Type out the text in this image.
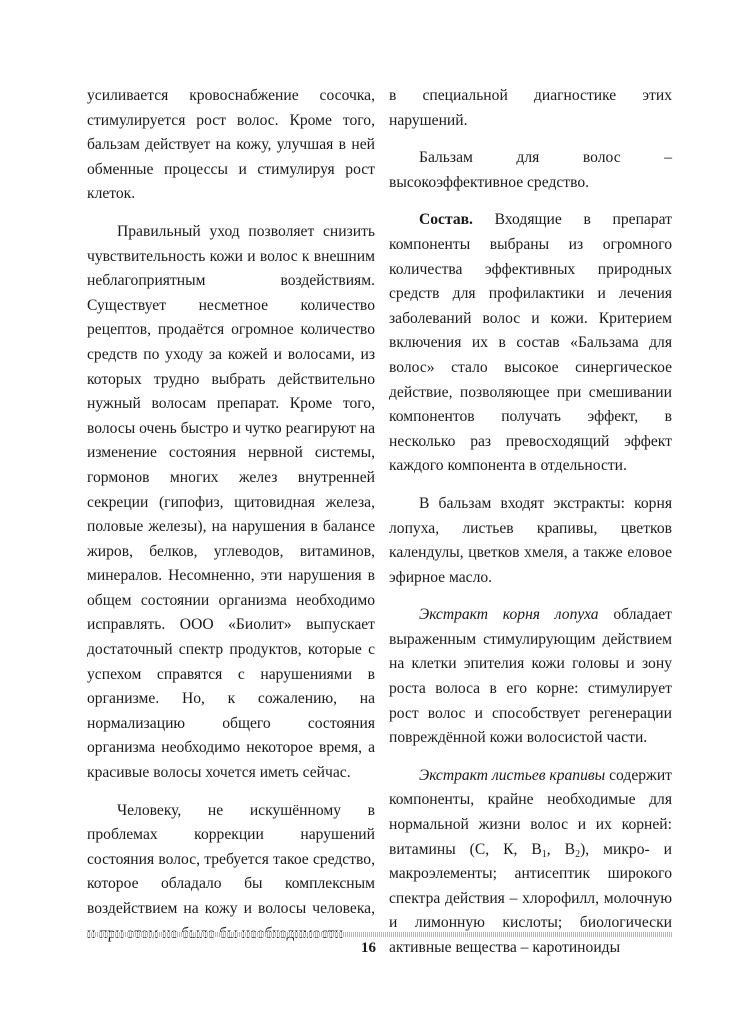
усиливается кровоснабжение сосочка, стимулируется рост волос. Кроме того, бальзам действует на кожу, улучшая в ней обменные процессы и стимулируя рост клеток.

Правильный уход позволяет снизить чувствительность кожи и волос к внешним неблагоприятным воздействиям. Существует несметное количество рецептов, продаётся огромное количество средств по уходу за кожей и волосами, из которых трудно выбрать действительно нужный волосам препарат. Кроме того, волосы очень быстро и чутко реагируют на изменение состояния нервной системы, гормонов многих желез внутренней секреции (гипофиз, щитовидная железа, половые железы), на нарушения в балансе жиров, белков, углеводов, витаминов, минералов. Несомненно, эти нарушения в общем состоянии организма необходимо исправлять. ООО «Биолит» выпускает достаточный спектр продуктов, которые с успехом справятся с нарушениями в организме. Но, к сожалению, на нормализацию общего состояния организма необходимо некоторое время, а красивые волосы хочется иметь сейчас.

Человеку, не искушённому в проблемах коррекции нарушений состояния волос, требуется такое средство, которое обладало бы комплексным воздействием на кожу и волосы человека,

в специальной диагностике этих нарушений.

Бальзам для волос – высокоэффективное средство.

Состав. Входящие в препарат компоненты выбраны из огромного количества эффективных природных средств для профилактики и лечения заболеваний волос и кожи. Критерием включения их в состав «Бальзама для волос» стало высокое синергическое действие, позволяющее при смешивании компонентов получать эффект, в несколько раз превосходящий эффект каждого компонента в отдельности.

В бальзам входят экстракты: корня лопуха, листьев крапивы, цветков календулы, цветков хмеля, а также еловое эфирное масло.

Экстракт корня лопуха обладает выраженным стимулирующим действием на клетки эпителия кожи головы и зону роста волоса в его корне: стимулирует рост волос и способствует регенерации повреждённой кожи волосистой части.

Экстракт листьев крапивы содержит компоненты, крайне необходимые для нормальной жизни волос и их корней: витамины (С, К, $В_1$, $В_2$), микро- и макроэлементы; антисептик широкого спектра действия – хлорофилл, молочную и лимонную кислоты; биологически активные вещества – каротиноиды

16
